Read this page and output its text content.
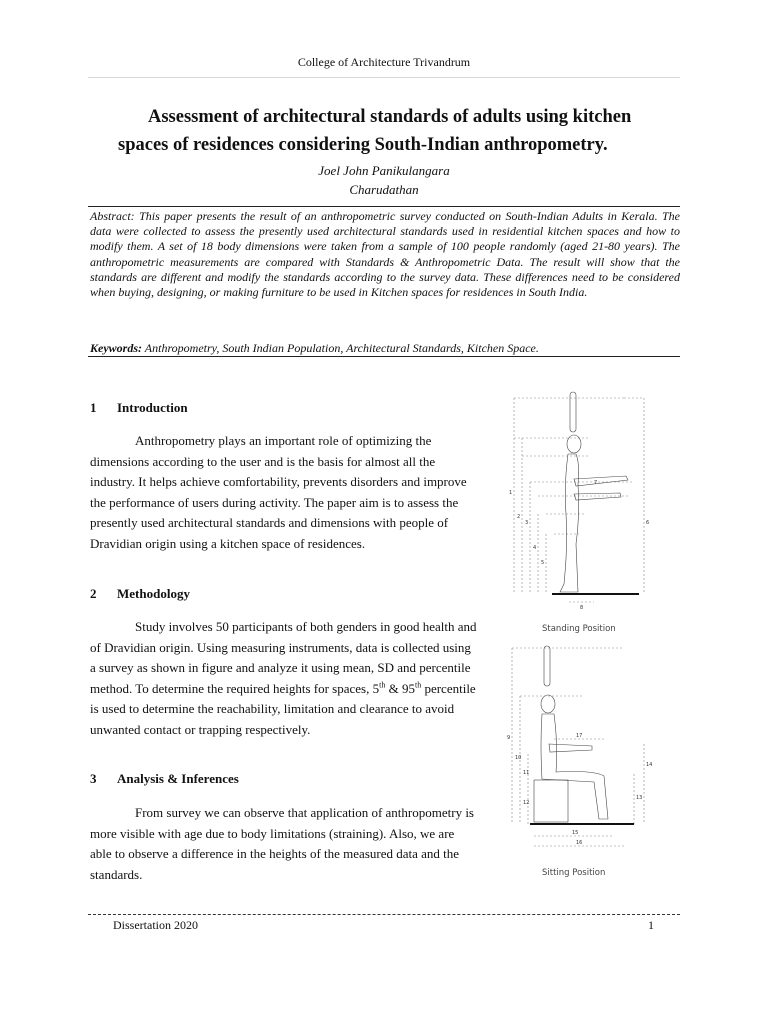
College of Architecture Trivandrum
Assessment of architectural standards of adults using kitchen
spaces of residences considering South-Indian anthropometry.
Joel John Panikulangara
Charudathan
Abstract: This paper presents the result of an anthropometric survey conducted on South-Indian Adults in Kerala. The data were collected to assess the presently used architectural standards used in residential kitchen spaces and how to modify them. A set of 18 body dimensions were taken from a sample of 100 people randomly (aged 21-80 years). The anthropometric measurements are compared with Standards & Anthropometric Data. The result will show that the standards are different and modify the standards according to the survey data. These differences need to be considered when buying, designing, or making furniture to be used in Kitchen spaces for residences in South India.
Keywords: Anthropometry, South Indian Population, Architectural Standards, Kitchen Space.
1 Introduction
Anthropometry plays an important role of optimizing the dimensions according to the user and is the basis for almost all the industry. It helps achieve comfortability, prevents disorders and improve the performance of users during activity. The paper aim is to assess the presently used architectural standards and dimensions with people of Dravidian origin using a kitchen space of residences.
2 Methodology
Study involves 50 participants of both genders in good health and of Dravidian origin. Using measuring instruments, data is collected using a survey as shown in figure and analyze it using mean, SD and percentile method. To determine the required heights for spaces, 5th & 95th percentile is used to determine the reachability, limitation and clearance to avoid unwanted contact or trapping respectively.
3 Analysis & Inferences
From survey we can observe that application of anthropometry is more visible with age due to body limitations (straining). Also, we are able to observe a difference in the heights of the measured data and the standards.
1
2
3
4
5
6
7
8
Standing Position
9
10
11
12
13
14
15
16
17
Sitting Position
Dissertation 2020	1
